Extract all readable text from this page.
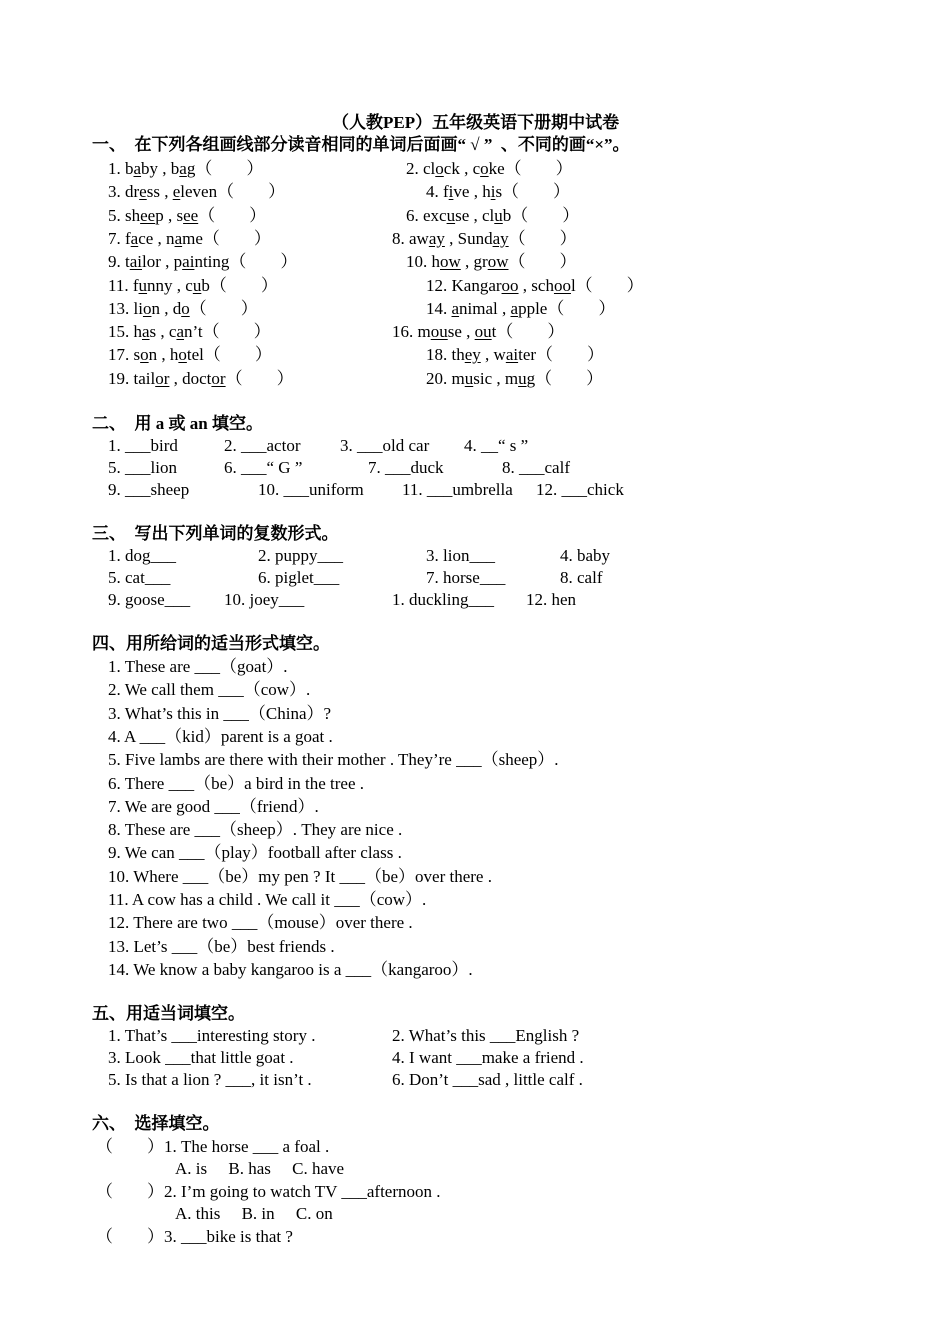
（人教PEP）五年级英语下册期中试卷
一、  在下列各组画线部分读音相同的单词后面画“ √ ”  、不同的画“×”。
1. baby , bag（        ）	2. clock , coke（        ）
3. dress , eleven（        ）	4. five , his（        ）
5. sheep , see（        ）	6. excuse , club（        ）
7. face , name（        ）	8. away , Sunday（        ）
9. tailor , painting（        ）	10. how , grow（        ）
11. funny , cub（        ）	12. Kangaroo , school（        ）
13. lion , do（        ）	14. animal , apple（        ）
15. has , can’t（        ）	16. mouse , out（        ）
17. son , hotel（        ）	18. they , waiter（        ）
19. tailor , doctor（        ）	20. music , mug（        ）
二、  用 a 或 an 填空。
1. ___bird	2. ___actor 3. ___old car 4. __“ s ”
5. ___lion	6. ___“ G ”	7. ___duck	8. ___calf
9. ___sheep	10. ___uniform 11. ___umbrella 12. ___chick
三、  写出下列单词的复数形式。
1. dog___	2. puppy___	3. lion___	4. baby
5. cat___	6. piglet___	7. horse___	8. calf
9. goose___ 10. joey___	1. duckling___ 12. hen
四、用所给词的适当形式填空。
1. These are ___（goat）.
2. We call them ___（cow）.
3. What’s this in ___（China）?
4. A ___（kid）parent is a goat .
5. Five lambs are there with their mother . They’re ___（sheep）.
6. There ___（be）a bird in the tree .
7. We are good ___（friend）.
8. These are ___（sheep）. They are nice .
9. We can ___（play）football after class .
10. Where ___（be）my pen ? It ___（be）over there .
11. A cow has a child . We call it ___（cow）.
12. There are two ___（mouse）over there .
13. Let’s ___（be）best friends .
14. We know a baby kangaroo is a ___（kangaroo）.
五、用适当词填空。
1. That’s ___interesting story .	2. What’s this ___English ?
3. Look ___that little goat .	4. I want ___make a friend .
5. Is that a lion ? ___, it isn’t .	6. Don’t ___sad , little calf .
六、  选择填空。
（        ）1. The horse ___ a foal .
A. is     B. has     C. have
（        ）2. I’m going to watch TV ___afternoon .
A. this     B. in     C. on
（        ）3. ___bike is that ?
